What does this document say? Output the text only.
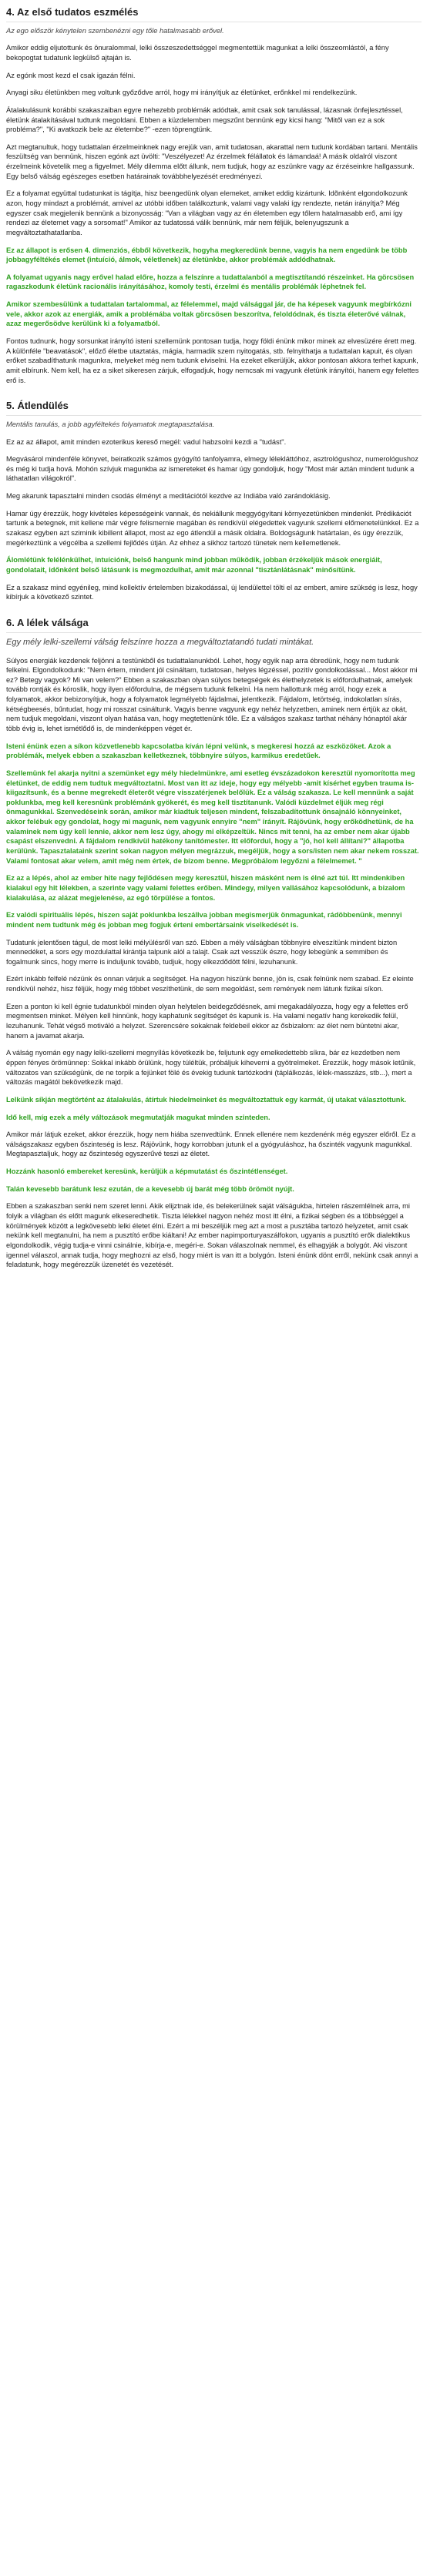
4. Az első tudatos eszmélés

Az ego először kénytelen szembenézni egy tőle hatalmasabb erővel.

Amikor eddig eljutottunk és önuralommal, lelki összeszedettséggel megmentettük magunkat a lelki összeomlástól, a fény bekopogtat tudatunk legkülső ajtaján is.

Az egónk most kezd el csak igazán félni.

Anyagi siku életünkben meg voltunk győződve arról, hogy mi irányítjuk az életünket, erőnkkel mi rendelkezünk.

Átalakulásunk korábbi szakaszaiban egyre nehezebb problémák adódtak, amit csak sok tanulással, lázasnak önfejlesztéssel, életünk átalakításával tudtunk megoldani. Ebben a küzdelemben megszűnt bennünk egy kicsi hang: "Mitől van ez a sok probléma?", "Ki avatkozik bele az életembe?" -ezen töprengtünk.

Azt megtanultuk, hogy tudattalan érzelmeinknek nagy erejük van, amit tudatosan, akarattal nem tudunk kordában tartani. Mentális feszültség van bennünk, hiszen egónk azt üvölti: "Veszélyezet! Az érzelmek félállatok és lámandaá! A másik oldalról viszont érzelmeink követelik meg a figyelmet. Mély dilemma előtt állunk, nem tudjuk, hogy az eszünkre vagy az érzéseinkre hallgassunk. Egy belső válság egészeges esetben határainak továbbhelyezését eredményezi.

Ez a folyamat együttal tudatunkat is tágítja, hisz beengedünk olyan elemeket, amiket eddig kizártunk. Idõnként elgondolkozunk azon, hogy mindazt a problémát, amivel az utóbbi időben találkoztunk, valami vagy valaki így rendezte, netán irányítja? Még egyszer csak megjelenik bennünk a bizonyosság: "Van a világban vagy az én életemben egy tőlem hatalmasabb erő, ami így rendezi az életemet vagy a sorsomat!" Amikor az tudatossá válik bennünk, már nem féljük, belenyugszunk a megváltoztathatatlanba.

Ez az állapot is erősen 4. dimenziós, ébből következik, hogyha megkeredünk benne, vagyis ha nem engedünk be több jobbagyféltékés elemet (intuíció, álmok, véletlenek) az életünkbe, akkor problémák addódhatnak.

A folyamat ugyanis nagy erővel halad előre, hozza a felszínre a tudattalanból a megtisztítandó részeinket. Ha görcsösen ragaszkodunk életünk racionális irányításához, komoly testi, érzelmi és mentális problémák léphetnek fel.

Amikor szembesülünk a tudattalan tartalommal, az félelemmel, majd válsággal jár, de ha képesek vagyunk megbírkózni vele, akkor azok az energiák, amik a problémába voltak görcsösen beszorítva, feloldódnak, és tiszta életerővé válnak, azaz megerősödve kerülünk ki a folyamatból.

Fontos tudnunk, hogy sorsunkat irányító isteni szellemünk pontosan tudja, hogy földi énünk mikor minek az elvesüzére érett meg. A különféle "beavatások", előző életbe utaztatás, mágia, harmadik szem nyitogatás, stb. felnyithatja a tudattalan kapuit, és olyan erőket szabadíthatunk magunkra, melyeket még nem tudunk elviselni. Ha ezeket elkerüljük, akkor pontosan akkora terhet kapunk, amit elbírunk. Nem kell, ha ez a siket sikeresen zárjuk, elfogadjuk, hogy nemcsak mi vagyunk életünk irányítói, hanem egy felettes erő is.

5. Átlendülés

Mentális tanulás, a jobb agyféltekés folyamatok megtapasztalása.

Ez az az állapot, amit minden ezoterikus kereső megél: vadul habzsolni kezdi a "tudást".

Megvásárol mindenféle könyvet, beiratkozik számos gyógyító tanfolyamra, elmegy lélekláttóhoz, asztrológushoz, numerológushoz és még ki tudja hová. Mohón szívjuk magunkba az ismereteket és hamar úgy gondoljuk, hogy "Most már aztán mindent tudunk a láthatatlan világokról".

Meg akarunk tapasztalni minden csodás élményt a meditációtól kezdve az Indiába való zarándoklásig.

Hamar úgy érezzük, hogy kivételes képességeink vannak, és nekiállunk meggyógyítani környezetünkben mindenkit. Prédikációt tartunk a betegnek, mit kellene már végre felismernie magában és rendkívül elégedettek vagyunk szellemi előmenetelünkkel. Ez a szakasz egyben azt sziminik kibillent állapot, most az ego átlendül a másik oldalra. Boldogságunk határtalan, és úgy érezzük, megérkeztünk a végcélba a szellemi fejlődés útján. Az ehhez a sikhoz tartozó tünetek nem kellemetlenek.

Álomlétünk felélénkülhet, intuíciónk, belső hangunk mind jobban működik, jobban érzékeljük mások energiáit, gondolatait, időnként belső látásunk is megmozdulhat, amit már azonnal "tisztánlátásnak" minősítünk.

Ez a szakasz mind egyénileg, mind kollektív értelemben bizakodással, új lendülettel tölti el az embert, amire szükség is lesz, hogy kibírjuk a következő szintet.

6. A lélek válsága

Egy mély lelki-szellemi válság felszínre hozza a megváltoztatandó tudati mintákat.

Súlyos energiák kezdenek feljönni a testünkből és tudattalanunkból. Lehet, hogy egyik nap arra ébredünk, hogy nem tudunk felkelni. Elgondolkodunk: "Nem értem, mindent jól csináltam, tudatosan, helyes légzéssel, pozitív gondolkodással... Most akkor mi ez? Betegy vagyok? Mi van velem?" Ebben a szakaszban olyan súlyos betegségek és élethelyzetek is előfordulhatnak, amelyek tovább rontják és kóroslik, hogy ilyen előfordulna, de mégsem tudunk felkelni. Ha nem hallottunk még arról, hogy ezek a folyamatok, akkor bebizonyítjuk, hogy a folyamatok legmélyebb fájdalmai, jelentkezik. Fájdalom, letörtség, indokolatlan sírás, kétségbeesés, bűntudat, hogy mi rosszat csináltunk. Vagyis benne vagyunk egy nehéz helyzetben, aminek nem értjük az okát, nem tudjuk megoldani, viszont olyan hatása van, hogy megtettenünk tőle. Ez a válságos szakasz tarthat néhány hónaptól akár több évig is, lehet ismétlődő is, de mindenképpen véget ér.

Isteni énünk ezen a síkon közvetlenebb kapcsolatba kíván lépni velünk, s megkeresi hozzá az eszközöket. Azok a problémák, melyek ebben a szakaszban kelletkeznek, többnyire súlyos, karmikus eredetűek.

Szellemünk fel akarja nyitni a szemünket egy mély hiedelmünkre, ami esetleg évszázadokon keresztül nyomorította meg életünket, de eddig nem tudtuk megváltoztatni. Most van itt az ideje, hogy egy mélyebb -amit kísérhet egyben trauma is- kiigazítsunk, és a benne megrekedt életerőt végre visszatérjenek belőlük. Ez a válság szakasza. Le kell mennünk a saját poklunkba, meg kell keresnünk problémánk gyökerét, és meg kell tisztítanunk. Valódi küzdelmet éljük meg régi önmagunkkal. Szenvedéseink során, amikor már kiadtuk teljesen mindent, felszabadítottunk önsajnáló könnyeinket, akkor felébuk egy gondolat, hogy mi magunk, nem vagyunk ennyire "nem" irányít. Rájövünk, hogy erőködhetünk, de ha valaminek nem úgy kell lennie, akkor nem lesz úgy, ahogy mi elképzeltük. Nincs mit tenni, ha az ember nem akar újabb csapást elszenvedni. A fájdalom rendkívül hatékony tanítómester. Itt előfordul, hogy a "jó, hol kell állítani?" állapotba kerülünk. Tapasztalataink szerint sokan nagyon mélyen megrázzuk, megéljük, hogy a sors/isten nem akar nekem rosszat. Valami fontosat akar velem, amit még nem értek, de bízom benne. Megpróbálom legyőzni a félelmemet. "

Ez az a lépés, ahol az ember hite nagy fejlődésen megy keresztül, hiszen másként nem is élné azt túl. Itt mindenkiben kialakul egy hit lélekben, a szerinte vagy valami felettes erőben. Mindegy, milyen vallásához kapcsolódunk, a bizalom kialakulása, az alázat megjelenése, az egó törpülése a fontos.

Ez valódi spirituális lépés, hiszen saját poklunkba leszállva jobban megismerjük önmagunkat, rádöbbenünk, mennyi mindent nem tudtunk még és jobban meg fogjuk érteni embertársaink viselkedését is.

Tudatunk jelentősen tágul, de most lelki mélyülésről van szó. Ebben a mély válságban többnyire elveszítünk mindent bizton mennedéket, a sors egy mozdulattal kirántja talpunk alól a talajt. Csak azt vesszük észre, hogy lebegünk a semmiben és fogalmunk sincs, hogy merre is induljunk tovább, tudjuk, hogy elkezdődött félni, lezuhanunk.

Ezért inkább felfelé nézünk és onnan várjuk a segítséget. Ha nagyon hiszünk benne, jön is, csak felnünk nem szabad. Ez eleinte rendkívül nehéz, hisz féljük, hogy még többet veszíthetünk, de sem megoldást, sem remények nem látunk fizikai síkon.

Ezen a ponton ki kell égnie tudatunkból minden olyan helytelen beidegződésnek, ami megakadályozza, hogy egy a felettes erő megmentsen minket. Mélyen kell hinnünk, hogy kaphatunk segítséget és kapunk is. Ha valami negatív hang kerekedik felül, lezuhanunk. Tehát végső motiváló a helyzet. Szerencsére sokaknak feldebeil ekkor az ősbizalom: az élet nem büntetni akar, hanem a javamat akarja.

A válság nyomán egy nagy lelki-szellemi megnyílás következik be, feljutunk egy emelkedettebb síkra, bár ez kezdetben nem éppen fényes örömünnep: Sokkal inkább örülünk, hogy túléltük, próbáljuk kiheverni a gyötrelmeket. Érezzük, hogy mások letűnik, változatos van szükségünk, de ne torpik a fejünket fölé és évekig tudunk tartózkodni (táplálkozás, lélek-masszázs, stb...), mert a változás magától bekövetkezik majd.

Lelkünk síkján megtörtént az átalakulás, átírtuk hiedelmeinket és megváltoztattuk egy karmát, új utakat választottunk.

Idő kell, míg ezek a mély változások megmutatják magukat minden szinteden.

Amikor már látjuk ezeket, akkor érezzük, hogy nem hiába szenvedtünk. Ennek ellenére nem kezdenénk még egyszer előről. Ez a válságszakasz egyben őszinteség is lesz. Rájövünk, hogy korrobban jutunk el a gyógyuláshoz, ha őszinték vagyunk magunkkal. Megtapasztaljuk, hogy az őszinteség egyszerűvé teszi az életet.

Hozzánk hasonló embereket keresünk, kerüljük a képmutatást és őszintétlenséget.

Talán kevesebb barátunk lesz ezután, de a kevesebb új barát még több örömöt nyújt.

Ebben a szakaszban senki nem szeret lenni. Akik elijztnak ide, és belekerülnek saját válságukba, hirtelen rászemlélnek arra, mi folyik a világban és előtt magunk elkeseredhetik. Tiszta lélekkel nagyon nehéz most itt élni, a fizikai ségben és a többséggel a körülmények között a legkövesebb lelki életet élni. Ezért a mi beszéljük meg azt a most a pusztába tartozó helyzetet, amit csak nekünk kell megtanulni, ha nem a pusztító erőbe kiáltani! Az ember napimporturyaszálfokon, ugyanis a pusztító erők dialektikus elgondolkodik, végig tudja-e vinni csinálnie, kibírja-e, megéri-e. Sokan válaszolnak nemmel, és elhagyják a bolygót. Aki viszont igennel válaszol, annak tudja, hogy meghozni az első, hogy miért is van itt a bolygón. Isteni énünk dönt erről, nekünk csak annyi a feladatunk, hogy megérezzük üzenetét és vezetését.
